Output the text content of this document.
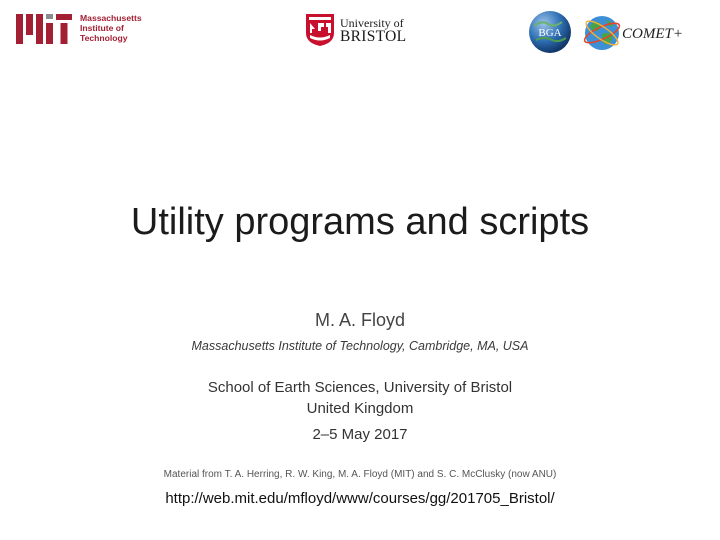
Massachusetts
Institute of
Technology
University of
BRISTOL	BGA	COMET+
Utility programs and scripts
M. A. Floyd
Massachusetts Institute of Technology, Cambridge, MA, USA
School of Earth Sciences, University of Bristol
United Kingdom
2–5 May 2017
Material from T. A. Herring, R. W. King, M. A. Floyd (MIT) and S. C. McClusky (now ANU)
http://web.mit.edu/mfloyd/www/courses/gg/201705_Bristol/
